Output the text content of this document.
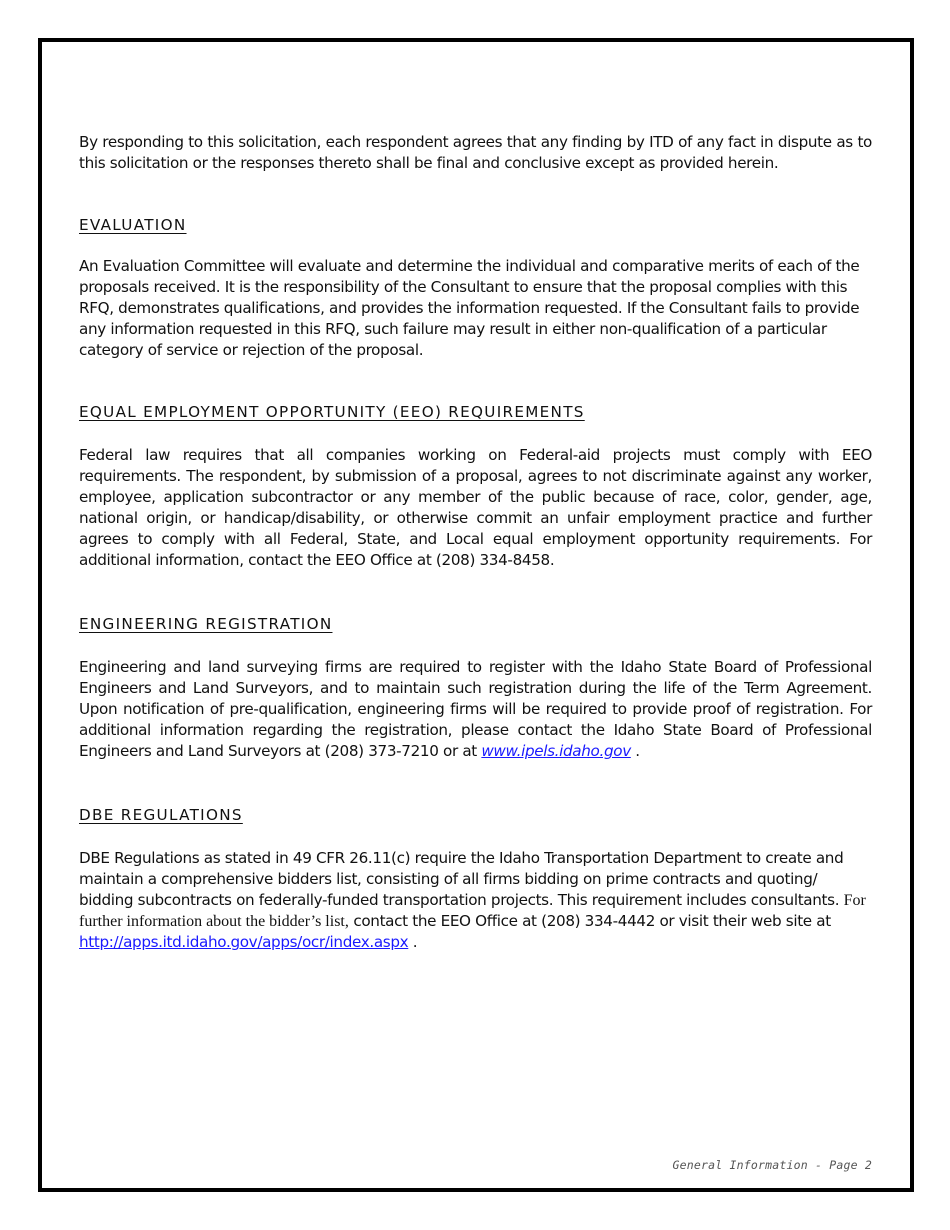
By responding to this solicitation, each respondent agrees that any finding by ITD of any fact in dispute as to this solicitation or the responses thereto shall be final and conclusive except as provided herein.

EVALUATION

An Evaluation Committee will evaluate and determine the individual and comparative merits of each of the proposals received. It is the responsibility of the Consultant to ensure that the proposal complies with this RFQ, demonstrates qualifications, and provides the information requested. If the Consultant fails to provide any information requested in this RFQ, such failure may result in either non-qualification of a particular category of service or rejection of the proposal.

EQUAL EMPLOYMENT OPPORTUNITY (EEO) REQUIREMENTS

Federal law requires that all companies working on Federal-aid projects must comply with EEO requirements. The respondent, by submission of a proposal, agrees to not discriminate against any worker, employee, application subcontractor or any member of the public because of race, color, gender, age, national origin, or handicap/disability, or otherwise commit an unfair employment practice and further agrees to comply with all Federal, State, and Local equal employment opportunity requirements. For additional information, contact the EEO Office at (208) 334-8458.

ENGINEERING REGISTRATION

Engineering and land surveying firms are required to register with the Idaho State Board of Professional Engineers and Land Surveyors, and to maintain such registration during the life of the Term Agreement. Upon notification of pre-qualification, engineering firms will be required to provide proof of registration. For additional information regarding the registration, please contact the Idaho State Board of Professional Engineers and Land Surveyors at (208) 373-7210 or at www.ipels.idaho.gov .

DBE REGULATIONS

DBE Regulations as stated in 49 CFR 26.11(c) require the Idaho Transportation Department to create and maintain a comprehensive bidders list, consisting of all firms bidding on prime contracts and quoting/ bidding subcontracts on federally-funded transportation projects. This requirement includes consultants. For further information about the bidder’s list, contact the EEO Office at (208) 334-4442 or visit their web site at http://apps.itd.idaho.gov/apps/ocr/index.aspx .

General Information - Page 2
